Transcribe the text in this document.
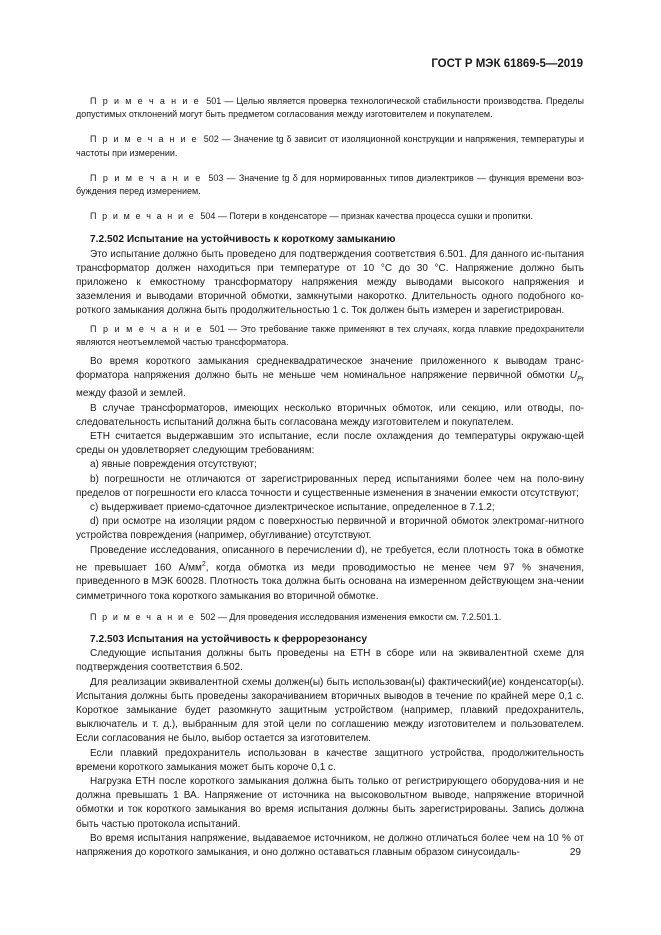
ГОСТ Р МЭК 61869-5—2019

П р и м е ч а н и е 501 — Целью является проверка технологической стабильности производства. Пределы допустимых отклонений могут быть предметом согласования между изготовителем и покупателем.

П р и м е ч а н и е 502 — Значение tg δ зависит от изоляционной конструкции и напряжения, температуры и частоты при измерении.

П р и м е ч а н и е 503 — Значение tg δ для нормированных типов диэлектриков — функция времени воз-буждения перед измерением.

П р и м е ч а н и е 504 — Потери в конденсаторе — признак качества процесса сушки и пропитки.

7.2.502 Испытание на устойчивость к короткому замыканию

Это испытание должно быть проведено для подтверждения соответствия 6.501. Для данного ис-пытания трансформатор должен находиться при температуре от 10 °С до 30 °С. Напряжение должно быть приложено к емкостному трансформатору напряжения между выводами высокого напряжения и заземления и выводами вторичной обмотки, замкнутыми накоротко. Длительность одного подобного ко-роткого замыкания должна быть продолжительностью 1 с. Ток должен быть измерен и зарегистрирован.

П р и м е ч а н и е 501 — Это требование также применяют в тех случаях, когда плавкие предохранители являются неотъемлемой частью трансформатора.

Во время короткого замыкания среднеквадратическое значение приложенного к выводам транс-форматора напряжения должно быть не меньше чем номинальное напряжение первичной обмотки $U_{Pr}$ между фазой и землей.

В случае трансформаторов, имеющих несколько вторичных обмоток, или секцию, или отводы, по-следовательность испытаний должна быть согласована между изготовителем и покупателем.

ЕТН считается выдержавшим это испытание, если после охлаждения до температуры окружаю-щей среды он удовлетворяет следующим требованиям:

а) явные повреждения отсутствуют;

b) погрешности не отличаются от зарегистрированных перед испытаниями более чем на поло-вину пределов от погрешности его класса точности и существенные изменения в значении емкости отсутствуют;

c) выдерживает приемо-сдаточное диэлектрическое испытание, определенное в 7.1.2;

d) при осмотре на изоляции рядом с поверхностью первичной и вторичной обмоток электромаг-нитного устройства повреждения (например, обугливание) отсутствуют.

Проведение исследования, описанного в перечислении d), не требуется, если плотность тока в обмотке не превышает 160 $А/мм^2$, когда обмотка из меди проводимостью не менее чем 97 % значения, приведенного в МЭК 60028. Плотность тока должна быть основана на измеренном действующем зна-чении симметричного тока короткого замыкания во вторичной обмотке.

П р и м е ч а н и е 502 — Для проведения исследования изменения емкости см. 7.2.501.1.

7.2.503 Испытания на устойчивость к феррорезонансу

Следующие испытания должны быть проведены на ЕТН в сборе или на эквивалентной схеме для подтверждения соответствия 6.502.

Для реализации эквивалентной схемы должен(ы) быть использован(ы) фактический(ие) конденсатор(ы). Испытания должны быть проведены закорачиванием вторичных выводов в течение по крайней мере 0,1 с. Короткое замыкание будет разомкнуто защитным устройством (например, плавкий предохранитель, выключатель и т. д.), выбранным для этой цели по соглашению между изготовителем и пользователем. Если согласования не было, выбор остается за изготовителем.

Если плавкий предохранитель использован в качестве защитного устройства, продолжительность времени короткого замыкания может быть короче 0,1 с.

Нагрузка ЕТН после короткого замыкания должна быть только от регистрирующего оборудова-ния и не должна превышать 1 ВА. Напряжение от источника на высоковольтном выводе, напряжение вторичной обмотки и ток короткого замыкания во время испытания должны быть зарегистрированы. Запись должна быть частью протокола испытаний.

Во время испытания напряжение, выдаваемое источником, не должно отличаться более чем на 10 % от напряжения до короткого замыкания, и оно должно оставаться главным образом синусоидаль-	29
